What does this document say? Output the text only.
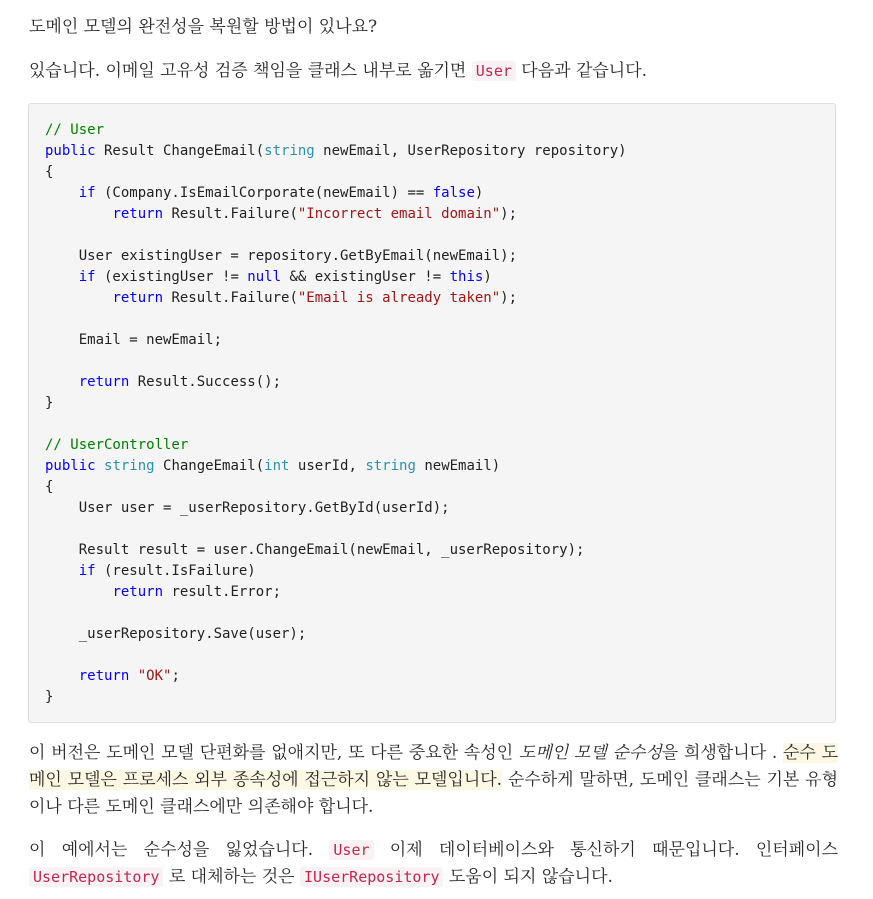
도메인 모델의 완전성을 복원할 방법이 있나요?

있습니다. 이메일 고유성 검증 책임을 클래스 내부로 옮기면 User 다음과 같습니다.

// User
public Result ChangeEmail(string newEmail, UserRepository repository)
{
if (Company.IsEmailCorporate(newEmail) == false)
return Result.Failure("Incorrect email domain");
User existingUser = repository.GetByEmail(newEmail);
if (existingUser != null && existingUser != this)
return Result.Failure("Email is already taken");
Email = newEmail;
return Result.Success();
}
// UserController
public string ChangeEmail(int userId, string newEmail)
{
User user = _userRepository.GetById(userId);
Result result = user.ChangeEmail(newEmail, _userRepository);
if (result.IsFailure)
return result.Error;
_userRepository.Save(user);
return "OK";
}

이 버전은 도메인 모델 단편화를 없애지만, 또 다른 중요한 속성인 도메인 모델 순수성을 희생합니다 . 순수 도메인 모델은 프로세스 외부 종속성에 접근하지 않는 모델입니다. 순수하게 말하면, 도메인 클래스는 기본 유형이나 다른 도메인 클래스에만 의존해야 합니다.

이 예에서는 순수성을 잃었습니다. User 이제 데이터베이스와 통신하기 때문입니다. 인터페이스 UserRepository 로 대체하는 것은 IUserRepository 도움이 되지 않습니다.
